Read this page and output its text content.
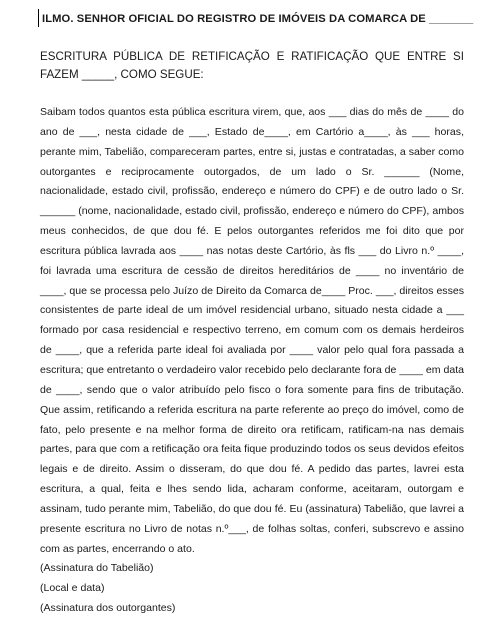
ILMO. SENHOR OFICIAL DO REGISTRO DE IMÓVEIS DA COMARCA DE _______
ESCRITURA PÚBLICA DE RETIFICAÇÃO E RATIFICAÇÃO QUE ENTRE SI FAZEM _____, COMO SEGUE:
Saibam todos quantos esta pública escritura virem, que, aos ___ dias do mês de ____ do ano de ___, nesta cidade de ___, Estado de____, em Cartório a____, às ___ horas, perante mim, Tabelião, compareceram partes, entre si, justas e contratadas, a saber como outorgantes e reciprocamente outorgados, de um lado o Sr. ______ (Nome, nacionalidade, estado civil, profissão, endereço e número do CPF) e de outro lado o Sr. ______ (nome, nacionalidade, estado civil, profissão, endereço e número do CPF), ambos meus conhecidos, de que dou fé. E pelos outorgantes referidos me foi dito que por escritura pública lavrada aos ____ nas notas deste Cartório, às fls ___ do Livro n.º ____, foi lavrada uma escritura de cessão de direitos hereditários de ____ no inventário de ____, que se processa pelo Juízo de Direito da Comarca de____ Proc. ___, direitos esses consistentes de parte ideal de um imóvel residencial urbano, situado nesta cidade a ___ formado por casa residencial e respectivo terreno, em comum com os demais herdeiros de ____, que a referida parte ideal foi avaliada por ____ valor pelo qual fora passada a escritura; que entretanto o verdadeiro valor recebido pelo declarante fora de ____ em data de ____, sendo que o valor atribuído pelo fisco o fora somente para fins de tributação. Que assim, retificando a referida escritura na parte referente ao preço do imóvel, como de fato, pelo presente e na melhor forma de direito ora retificam, ratificam-na nas demais partes, para que com a retificação ora feita fique produzindo todos os seus devidos efeitos legais e de direito. Assim o disseram, do que dou fé. A pedido das partes, lavrei esta escritura, a qual, feita e lhes sendo lida, acharam conforme, aceitaram, outorgam e assinam, tudo perante mim, Tabelião, do que dou fé. Eu (assinatura) Tabelião, que lavrei a presente escritura no Livro de notas n.º___, de folhas soltas, conferi, subscrevo e assino com as partes, encerrando o ato.
(Assinatura do Tabelião)
(Local e data)
(Assinatura dos outorgantes)
